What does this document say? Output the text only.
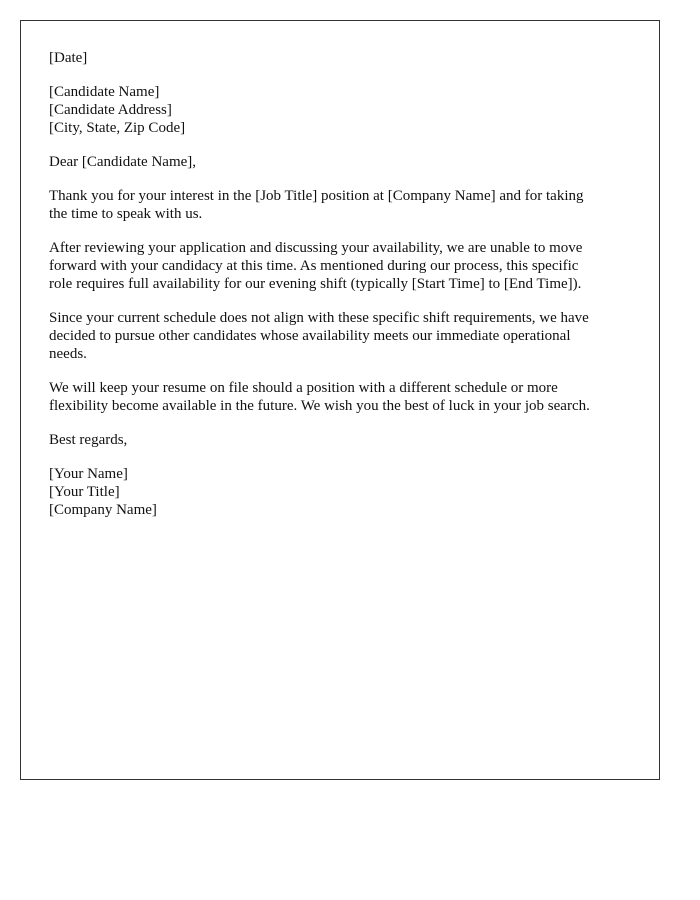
[Date]
[Candidate Name]
[Candidate Address]
[City, State, Zip Code]
Dear [Candidate Name],
Thank you for your interest in the [Job Title] position at [Company Name] and for taking
the time to speak with us.
After reviewing your application and discussing your availability, we are unable to move
forward with your candidacy at this time. As mentioned during our process, this specific
role requires full availability for our evening shift (typically [Start Time] to [End Time]).
Since your current schedule does not align with these specific shift requirements, we have
decided to pursue other candidates whose availability meets our immediate operational
needs.
We will keep your resume on file should a position with a different schedule or more
flexibility become available in the future. We wish you the best of luck in your job search.
Best regards,
[Your Name]
[Your Title]
[Company Name]
